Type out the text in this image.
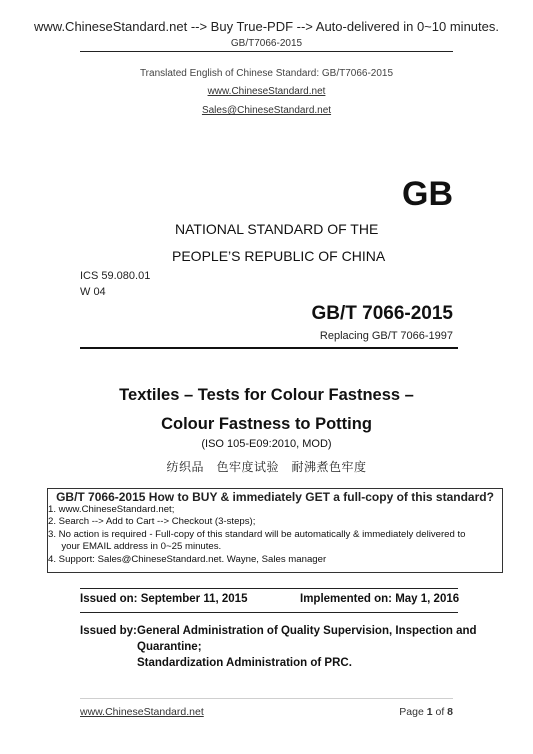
www.ChineseStandard.net --> Buy True-PDF --> Auto-delivered in 0~10 minutes.
GB/T7066-2015
Translated English of Chinese Standard: GB/T7066-2015
www.ChineseStandard.net
Sales@ChineseStandard.net
GB
NATIONAL STANDARD OF THE
PEOPLE’S REPUBLIC OF CHINA
ICS 59.080.01
W 04
GB/T 7066-2015
Replacing GB/T 7066-1997
Textiles – Tests for Colour Fastness –
Colour Fastness to Potting
(ISO 105-E09:2010, MOD)
纺织品　色牢度试验　耐沸煮色牢度
GB/T 7066-2015 How to BUY & immediately GET a full-copy of this standard?
1. www.ChineseStandard.net;
2. Search --> Add to Cart --> Checkout (3-steps);
3. No action is required - Full-copy of this standard will be automatically & immediately delivered to
your EMAIL address in 0~25 minutes.
4. Support: Sales@ChineseStandard.net. Wayne, Sales manager
Issued on: September 11, 2015	Implemented on: May 1, 2016
Issued by: General Administration of Quality Supervision, Inspection and
Quarantine;
Standardization Administration of PRC.
www.ChineseStandard.net	Page 1 of 8
